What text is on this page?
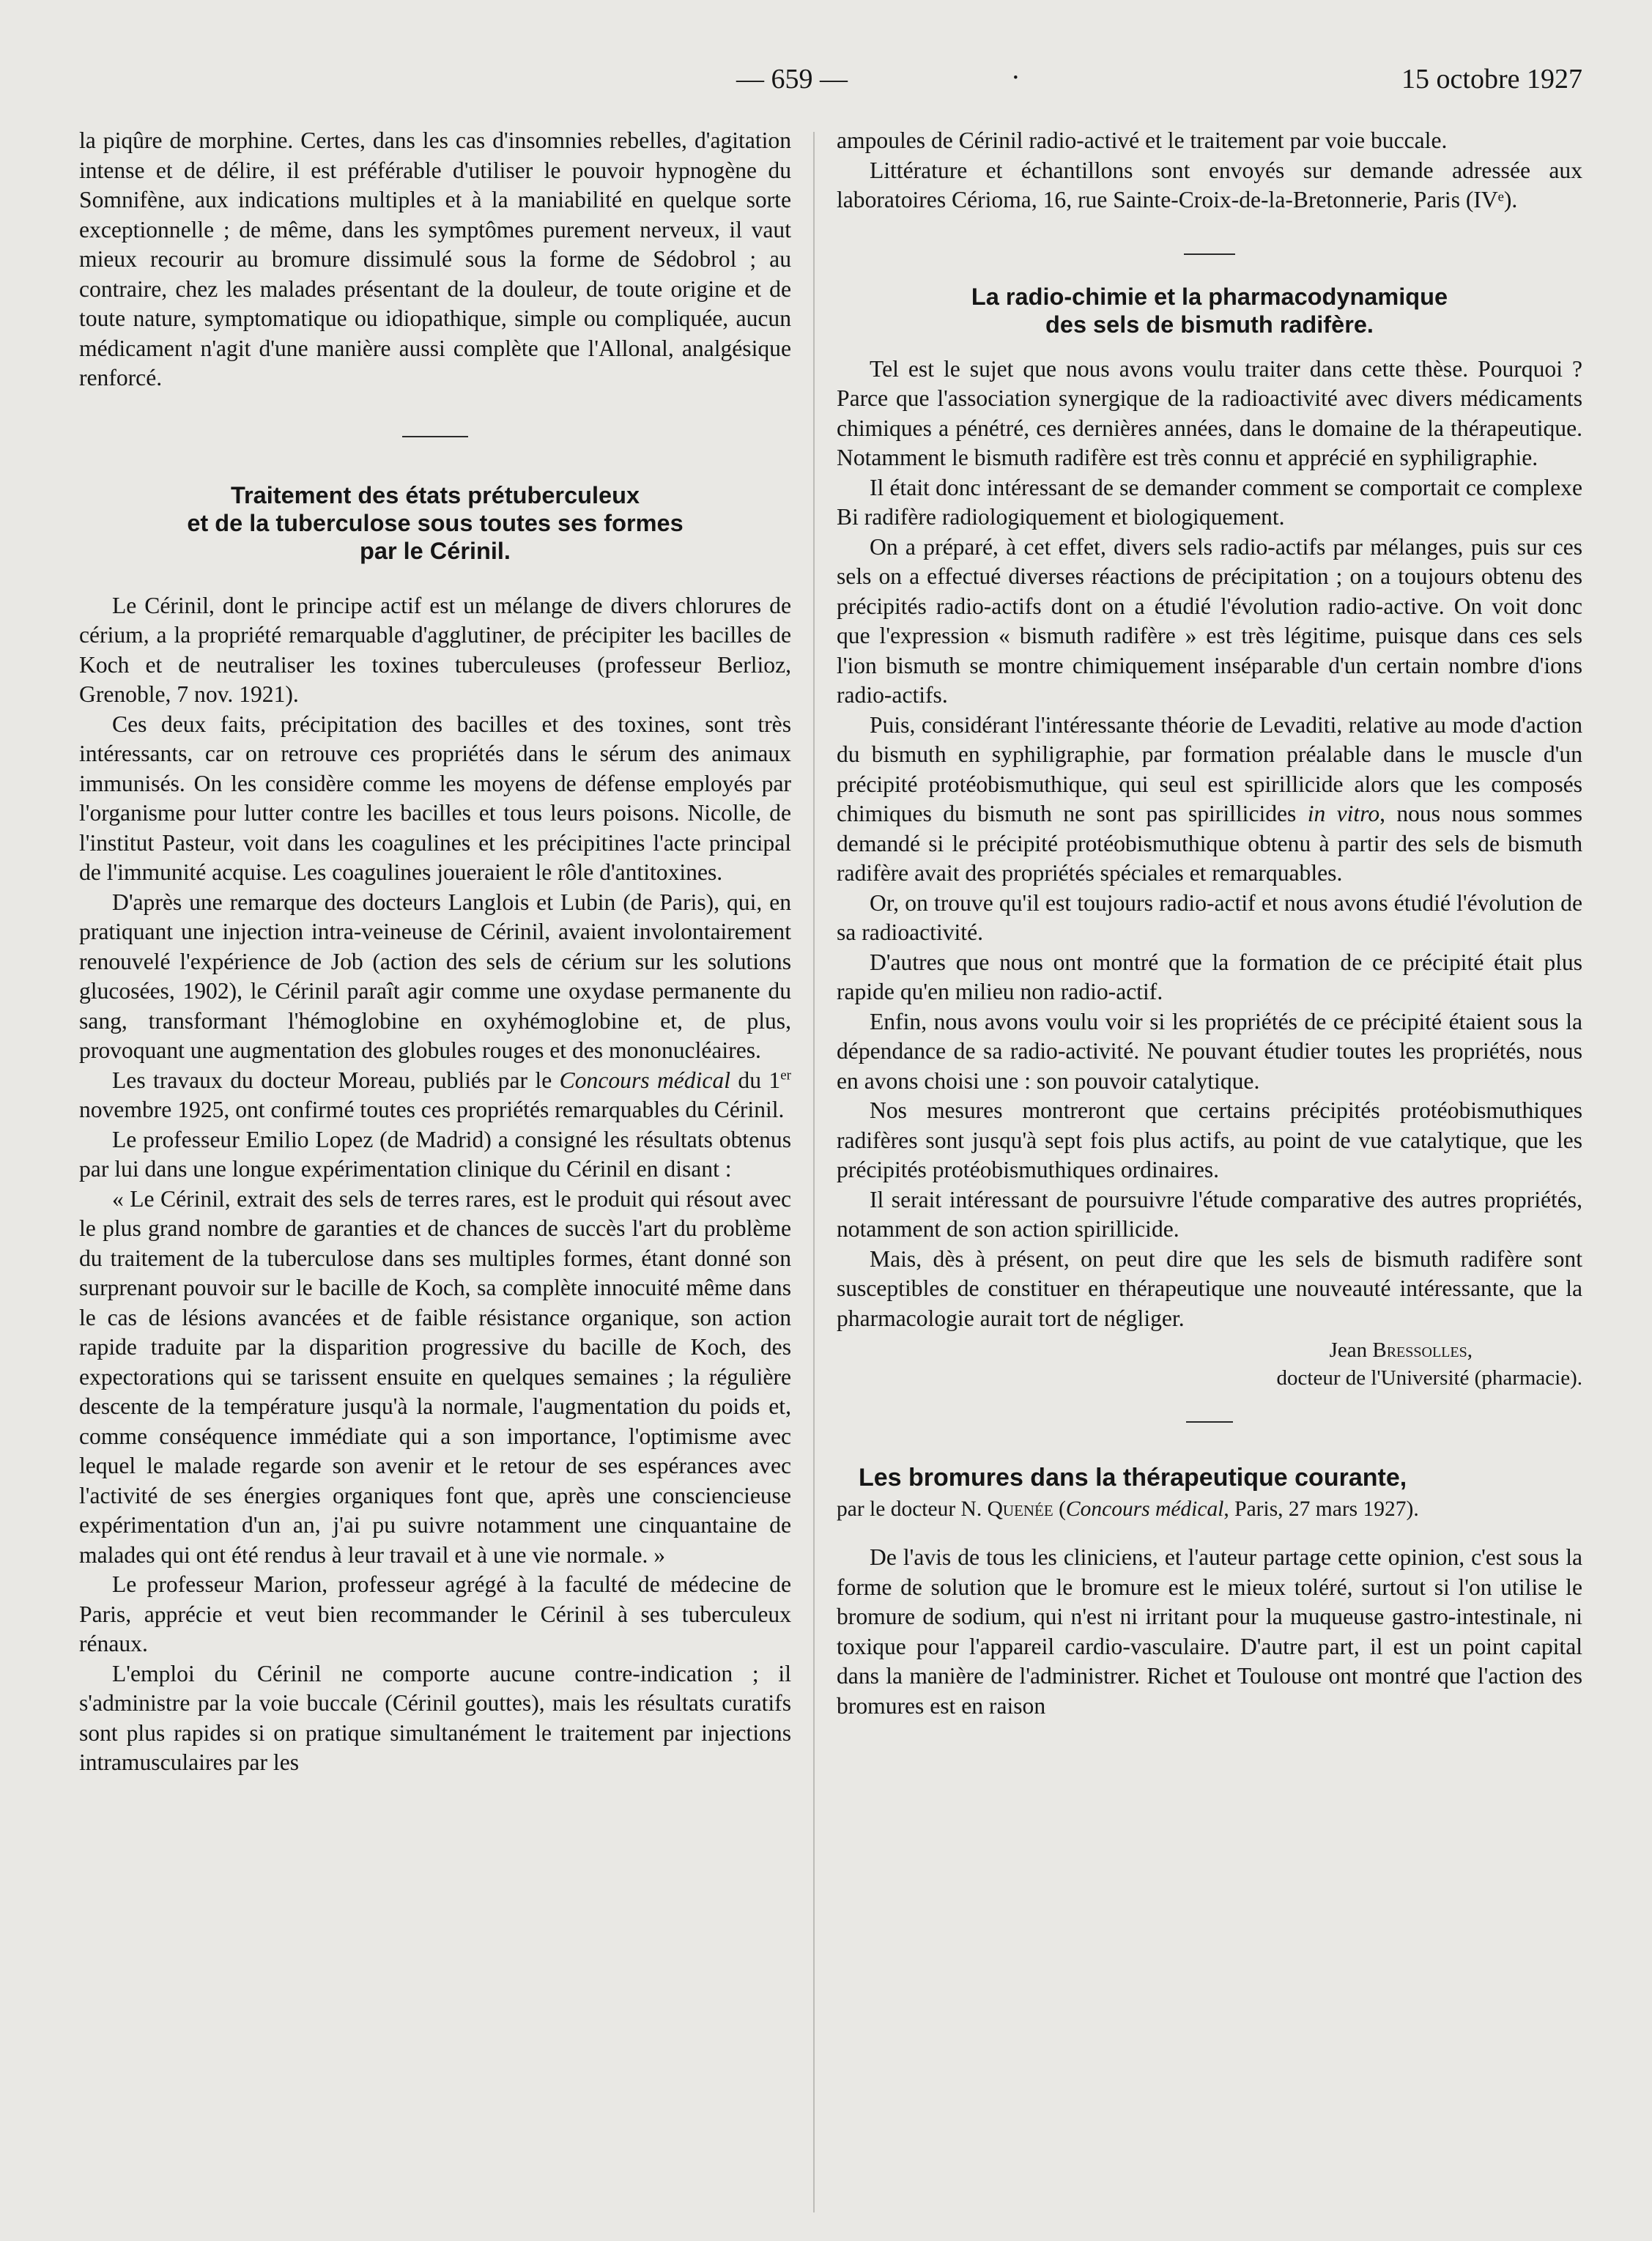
— 659 —	·	15 octobre 1927

la piqûre de morphine. Certes, dans les cas d'insomnies rebelles, d'agitation intense et de délire, il est préférable d'utiliser le pouvoir hypnogène du Somnifène, aux indications multiples et à la maniabilité en quelque sorte exceptionnelle ; de même, dans les symptômes purement nerveux, il vaut mieux recourir au bromure dissimulé sous la forme de Sédobrol ; au contraire, chez les malades présentant de la douleur, de toute origine et de toute nature, symptomatique ou idiopathique, simple ou compliquée, aucun médicament n'agit d'une manière aussi complète que l'Allonal, analgésique renforcé.

Traitement des états prétuberculeux
et de la tuberculose sous toutes ses formes
par le Cérinil.

Le Cérinil, dont le principe actif est un mélange de divers chlorures de cérium, a la propriété remarquable d'agglutiner, de précipiter les bacilles de Koch et de neutraliser les toxines tuberculeuses (professeur Berlioz, Grenoble, 7 nov. 1921).

Ces deux faits, précipitation des bacilles et des toxines, sont très intéressants, car on retrouve ces propriétés dans le sérum des animaux immunisés. On les considère comme les moyens de défense employés par l'organisme pour lutter contre les bacilles et tous leurs poisons. Nicolle, de l'institut Pasteur, voit dans les coagulines et les précipitines l'acte principal de l'immunité acquise. Les coagulines joueraient le rôle d'antitoxines.

D'après une remarque des docteurs Langlois et Lubin (de Paris), qui, en pratiquant une injection intra-veineuse de Cérinil, avaient involontairement renouvelé l'expérience de Job (action des sels de cérium sur les solutions glucosées, 1902), le Cérinil paraît agir comme une oxydase permanente du sang, transformant l'hémoglobine en oxyhémoglobine et, de plus, provoquant une augmentation des globules rouges et des mononucléaires.

Les travaux du docteur Moreau, publiés par le Concours médical du 1er novembre 1925, ont confirmé toutes ces propriétés remarquables du Cérinil.

Le professeur Emilio Lopez (de Madrid) a consigné les résultats obtenus par lui dans une longue expérimentation clinique du Cérinil en disant :

« Le Cérinil, extrait des sels de terres rares, est le produit qui résout avec le plus grand nombre de garanties et de chances de succès l'art du problème du traitement de la tuberculose dans ses multiples formes, étant donné son surprenant pouvoir sur le bacille de Koch, sa complète innocuité même dans le cas de lésions avancées et de faible résistance organique, son action rapide traduite par la disparition progressive du bacille de Koch, des expectorations qui se tarissent ensuite en quelques semaines ; la régulière descente de la température jusqu'à la normale, l'augmentation du poids et, comme conséquence immédiate qui a son importance, l'optimisme avec lequel le malade regarde son avenir et le retour de ses espérances avec l'activité de ses énergies organiques font que, après une consciencieuse expérimentation d'un an, j'ai pu suivre notamment une cinquantaine de malades qui ont été rendus à leur travail et à une vie normale. »

Le professeur Marion, professeur agrégé à la faculté de médecine de Paris, apprécie et veut bien recommander le Cérinil à ses tuberculeux rénaux.

L'emploi du Cérinil ne comporte aucune contre-indication ; il s'administre par la voie buccale (Cérinil gouttes), mais les résultats curatifs sont plus rapides si on pratique simultanément le traitement par injections intramusculaires par les

ampoules de Cérinil radio-activé et le traitement par voie buccale.

Littérature et échantillons sont envoyés sur demande adressée aux laboratoires Cérioma, 16, rue Sainte-Croix-de-la-Bretonnerie, Paris (IVᵉ).

La radio-chimie et la pharmacodynamique
des sels de bismuth radifère.

Tel est le sujet que nous avons voulu traiter dans cette thèse. Pourquoi ? Parce que l'association synergique de la radioactivité avec divers médicaments chimiques a pénétré, ces dernières années, dans le domaine de la thérapeutique. Notamment le bismuth radifère est très connu et apprécié en syphiligraphie.

Il était donc intéressant de se demander comment se comportait ce complexe Bi radifère radiologiquement et biologiquement.

On a préparé, à cet effet, divers sels radio-actifs par mélanges, puis sur ces sels on a effectué diverses réactions de précipitation ; on a toujours obtenu des précipités radio-actifs dont on a étudié l'évolution radio-active. On voit donc que l'expression « bismuth radifère » est très légitime, puisque dans ces sels l'ion bismuth se montre chimiquement inséparable d'un certain nombre d'ions radio-actifs.

Puis, considérant l'intéressante théorie de Levaditi, relative au mode d'action du bismuth en syphiligraphie, par formation préalable dans le muscle d'un précipité protéobismuthique, qui seul est spirillicide alors que les composés chimiques du bismuth ne sont pas spirillicides in vitro, nous nous sommes demandé si le précipité protéobismuthique obtenu à partir des sels de bismuth radifère avait des propriétés spéciales et remarquables.

Or, on trouve qu'il est toujours radio-actif et nous avons étudié l'évolution de sa radioactivité.

D'autres que nous ont montré que la formation de ce précipité était plus rapide qu'en milieu non radio-actif.

Enfin, nous avons voulu voir si les propriétés de ce précipité étaient sous la dépendance de sa radio-activité. Ne pouvant étudier toutes les propriétés, nous en avons choisi une : son pouvoir catalytique.

Nos mesures montreront que certains précipités protéobismuthiques radifères sont jusqu'à sept fois plus actifs, au point de vue catalytique, que les précipités protéobismuthiques ordinaires.

Il serait intéressant de poursuivre l'étude comparative des autres propriétés, notamment de son action spirillicide.

Mais, dès à présent, on peut dire que les sels de bismuth radifère sont susceptibles de constituer en thérapeutique une nouveauté intéressante, que la pharmacologie aurait tort de négliger.

Jean Bressolles,
docteur de l'Université (pharmacie).
Les bromures dans la thérapeutique courante,

par le docteur N. Quenée (Concours médical, Paris, 27 mars 1927).

De l'avis de tous les cliniciens, et l'auteur partage cette opinion, c'est sous la forme de solution que le bromure est le mieux toléré, surtout si l'on utilise le bromure de sodium, qui n'est ni irritant pour la muqueuse gastro-intestinale, ni toxique pour l'appareil cardio-vasculaire. D'autre part, il est un point capital dans la manière de l'administrer. Richet et Toulouse ont montré que l'action des bromures est en raison
